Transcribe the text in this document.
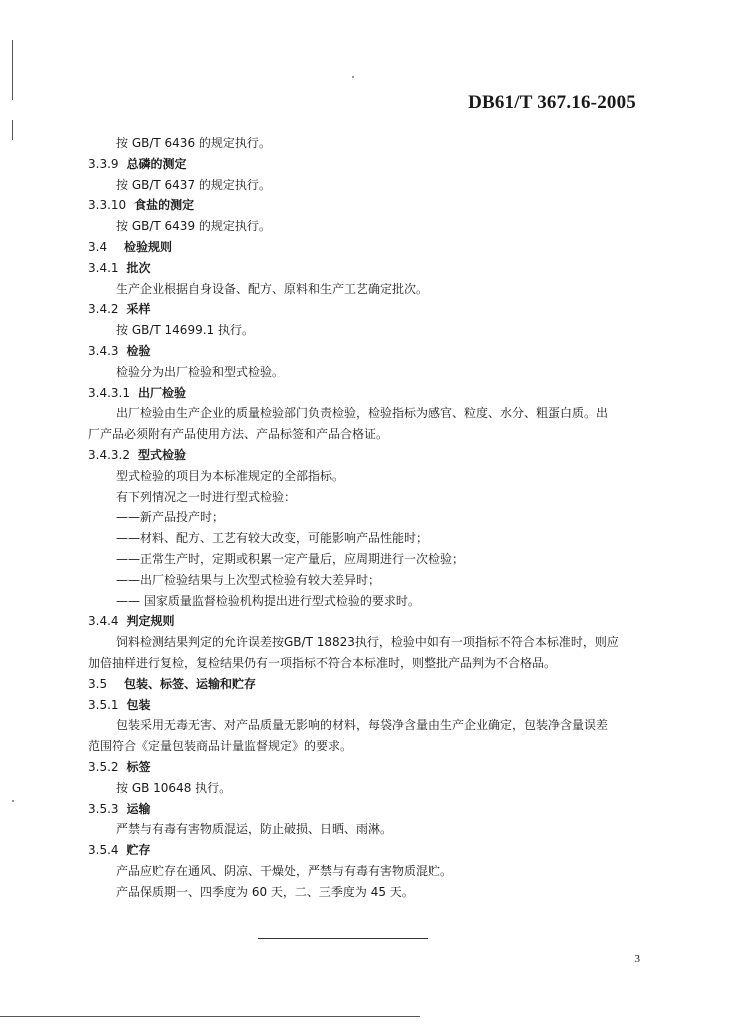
DB61/T 367.16-2005
按 GB/T 6436 的规定执行。
3.3.9 总磷的测定
按 GB/T 6437 的规定执行。
3.3.10 食盐的测定
按 GB/T 6439 的规定执行。
3.4 检验规则
3.4.1 批次
生产企业根据自身设备、配方、原料和生产工艺确定批次。
3.4.2 采样
按 GB/T 14699.1 执行。
3.4.3 检验
检验分为出厂检验和型式检验。
3.4.3.1 出厂检验
出厂检验由生产企业的质量检验部门负责检验，检验指标为感官、粒度、水分、粗蛋白质。出
厂产品必须附有产品使用方法、产品标签和产品合格证。
3.4.3.2 型式检验
型式检验的项目为本标准规定的全部指标。
有下列情况之一时进行型式检验：
——新产品投产时；
——材料、配方、工艺有较大改变，可能影响产品性能时；
——正常生产时，定期或积累一定产量后，应周期进行一次检验；
——出厂检验结果与上次型式检验有较大差异时；
—— 国家质量监督检验机构提出进行型式检验的要求时。
3.4.4 判定规则
饲料检测结果判定的允许误差按GB/T 18823执行，检验中如有一项指标不符合本标准时，则应
加倍抽样进行复检，复检结果仍有一项指标不符合本标准时，则整批产品判为不合格品。
3.5 包装、标签、运输和贮存
3.5.1 包装
包装采用无毒无害、对产品质量无影响的材料，每袋净含量由生产企业确定，包装净含量误差
范围符合《定量包装商品计量监督规定》的要求。
3.5.2 标签
按 GB 10648 执行。
3.5.3 运输
严禁与有毒有害物质混运，防止破损、日晒、雨淋。
3.5.4 贮存
产品应贮存在通风、阴凉、干燥处，严禁与有毒有害物质混贮。
产品保质期一、四季度为 60 天，二、三季度为 45 天。
3
